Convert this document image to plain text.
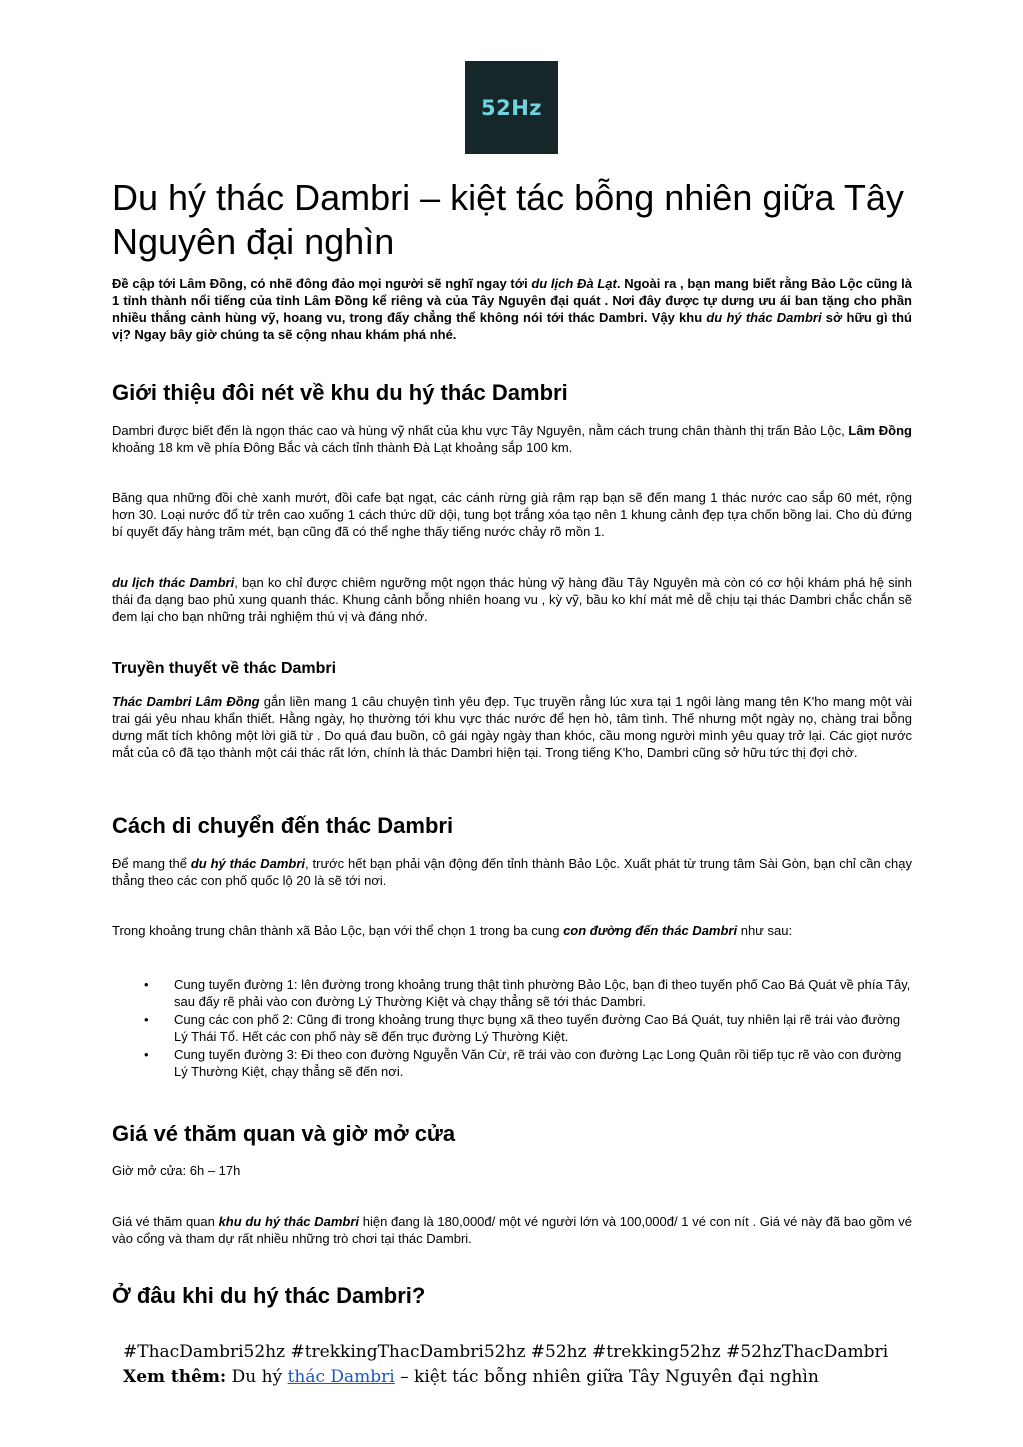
52Hz
Du hý thác Dambri – kiệt tác bỗng nhiên giữa Tây Nguyên đại nghìn

Đề cập tới Lâm Đồng, có nhẽ đông đảo mọi người sẽ nghĩ ngay tới du lịch Đà Lạt. Ngoài ra , bạn mang biết rằng Bảo Lộc cũng là 1 tỉnh thành nổi tiếng của tỉnh Lâm Đồng kể riêng và của Tây Nguyên đại quát . Nơi đây được tự dưng ưu ái ban tặng cho phần nhiều thắng cảnh hùng vỹ, hoang vu, trong đấy chẳng thể không nói tới thác Dambri. Vậy khu du hý thác Dambri sở hữu gì thú vị? Ngay bây giờ chúng ta sẽ cộng nhau khám phá nhé.

Giới thiệu đôi nét về khu du hý thác Dambri

Dambri được biết đến là ngọn thác cao và hùng vỹ nhất của khu vực Tây Nguyên, nằm cách trung chân thành thị trấn Bảo Lộc, Lâm Đồng khoảng 18 km về phía Đông Bắc và cách tỉnh thành Đà Lạt khoảng sắp 100 km.

Băng qua những đồi chè xanh mướt, đồi cafe bạt ngạt, các cánh rừng già rậm rạp bạn sẽ đến mang 1 thác nước cao sắp 60 mét, rộng hơn 30. Loại nước đổ từ trên cao xuống 1 cách thức dữ dội, tung bọt trắng xóa tạo nên 1 khung cảnh đẹp tựa chốn bồng lai. Cho dù đứng bí quyết đấy hàng trăm mét, bạn cũng đã có thể nghe thấy tiếng nước chảy rõ mồn 1.

du lịch thác Dambri, bạn ko chỉ được chiêm ngưỡng một ngọn thác hùng vỹ hàng đầu Tây Nguyên mà còn có cơ hội khám phá hệ sinh thái đa dạng bao phủ xung quanh thác. Khung cảnh bỗng nhiên hoang vu , kỳ vỹ, bầu ko khí mát mẻ dễ chịu tại thác Dambri chắc chắn sẽ đem lại cho bạn những trải nghiệm thú vị và đáng nhớ.

Truyền thuyết về thác Dambri

Thác Dambri Lâm Đồng gắn liền mang 1 câu chuyện tình yêu đẹp. Tục truyền rằng lúc xưa tại 1 ngôi làng mang tên K'ho mang một vài trai gái yêu nhau khẩn thiết. Hằng ngày, họ thường tới khu vực thác nước để hẹn hò, tâm tình. Thế nhưng một ngày nọ, chàng trai bỗng dưng mất tích không một lời giã từ . Do quá đau buồn, cô gái ngày ngày than khóc, cầu mong người mình yêu quay trở lại. Các giọt nước mắt của cô đã tạo thành một cái thác rất lớn, chính là thác Dambri hiện tại. Trong tiếng K'ho, Dambri cũng sở hữu tức thị đợi chờ.

Cách di chuyển đến thác Dambri

Để mang thể du hý thác Dambri, trước hết bạn phải vận động đến tỉnh thành Bảo Lộc. Xuất phát từ trung tâm Sài Gòn, bạn chỉ cần chạy thẳng theo các con phố quốc lộ 20 là sẽ tới nơi.

Trong khoảng trung chân thành xã Bảo Lộc, bạn với thể chọn 1 trong ba cung con đường đến thác Dambri như sau:

• Cung tuyến đường 1: lên đường trong khoảng trung thật tình phường Bảo Lộc, bạn đi theo tuyến phố Cao Bá Quát về phía Tây, sau đấy rẽ phải vào con đường Lý Thường Kiệt và chạy thẳng sẽ tới thác Dambri.
• Cung các con phố 2: Cũng đi trong khoảng trung thực bụng xã theo tuyến đường Cao Bá Quát, tuy nhiên lại rẽ trái vào đường Lý Thái Tổ. Hết các con phố này sẽ đến trục đường Lý Thường Kiệt.
• Cung tuyến đường 3: Đi theo con đường Nguyễn Văn Cừ, rẽ trái vào con đường Lạc Long Quân rồi tiếp tục rẽ vào con đường Lý Thường Kiệt, chạy thẳng sẽ đến nơi.
Giá vé thăm quan và giờ mở cửa

Giờ mở cửa: 6h – 17h

Giá vé thăm quan khu du hý thác Dambri hiện đang là 180,000đ/ một vé người lớn và 100,000đ/ 1 vé con nít . Giá vé này đã bao gồm vé vào cổng và tham dự rất nhiều những trò chơi tại thác Dambri.

Ở đâu khi du hý thác Dambri?
#ThacDambri52hz #trekkingThacDambri52hz #52hz #trekking52hz #52hzThacDambri
Xem thêm: Du hý thác Dambri – kiệt tác bỗng nhiên giữa Tây Nguyên đại nghìn
